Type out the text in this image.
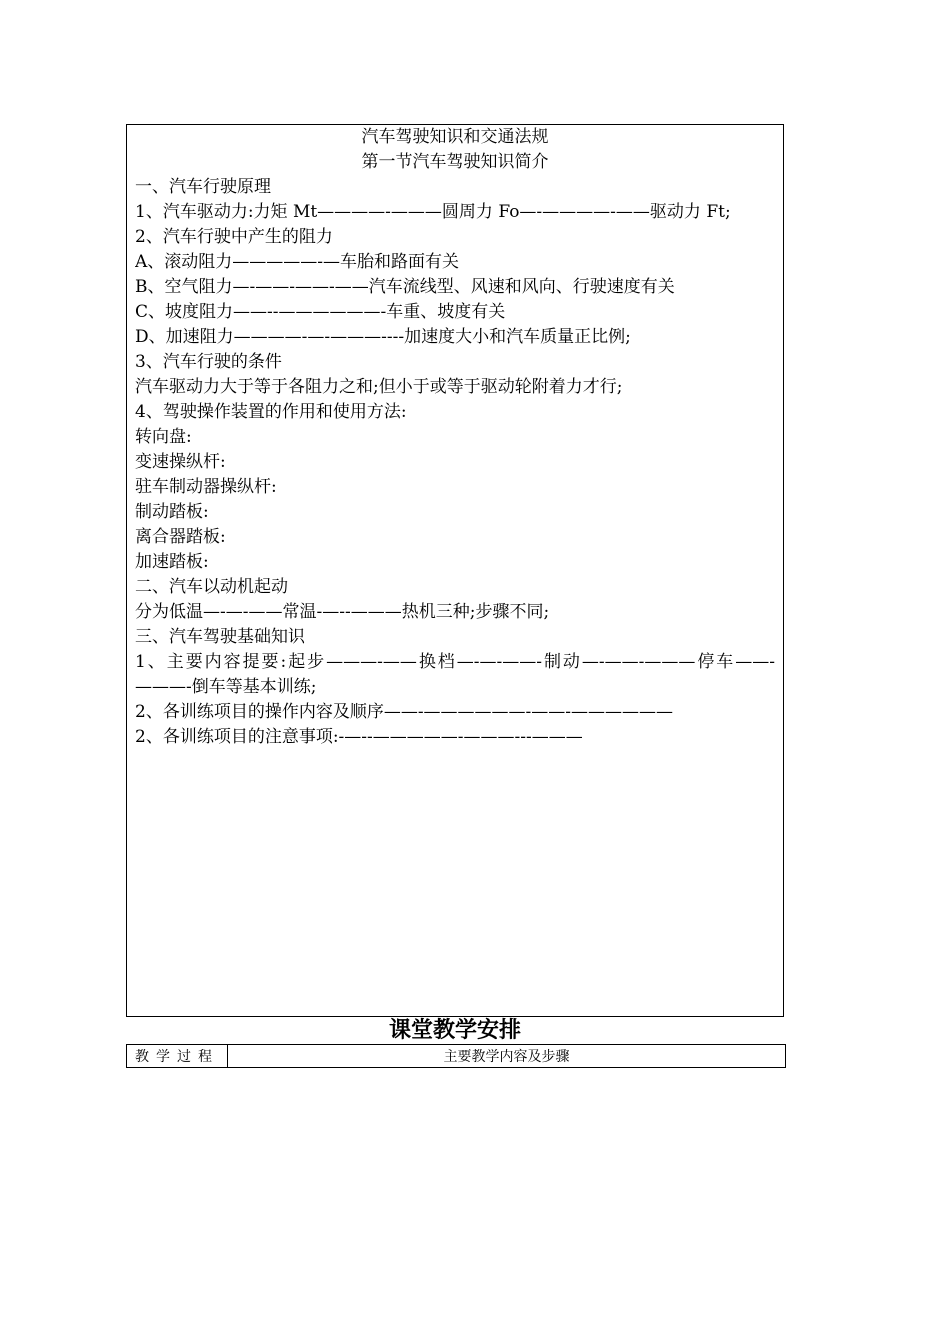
汽车驾驶知识和交通法规
第一节汽车驾驶知识简介
一、汽车行驶原理
1、汽车驱动力:力矩 Mt————-———圆周力 Fo—-————-——驱动力 Ft;
2、汽车行驶中产生的阻力
A、滚动阻力—————-—车胎和路面有关
B、空气阻力—-——-——-——汽车流线型、风速和风向、行驶速度有关
C、坡度阻力——--——————-车重、坡度有关
D、加速阻力————-—-———----加速度大小和汽车质量正比例;
3、汽车行驶的条件
汽车驱动力大于等于各阻力之和;但小于或等于驱动轮附着力才行;
4、驾驶操作装置的作用和使用方法:
转向盘:
变速操纵杆:
驻车制动器操纵杆:
制动踏板:
离合器踏板:
加速踏板:
二、汽车以动机起动
分为低温—-—-——常温-—--———热机三种;步骤不同;
三、汽车驾驶基础知识
1、主要内容提要:起步———-——换档—-—-——-制动—-——-———停车——-———-倒车等基本训练;
2、各训练项目的操作内容及顺序——-——————-——-——————
2、各训练项目的注意事项:-—--—————-———---———
课堂教学安排
教学过程	主要教学内容及步骤
